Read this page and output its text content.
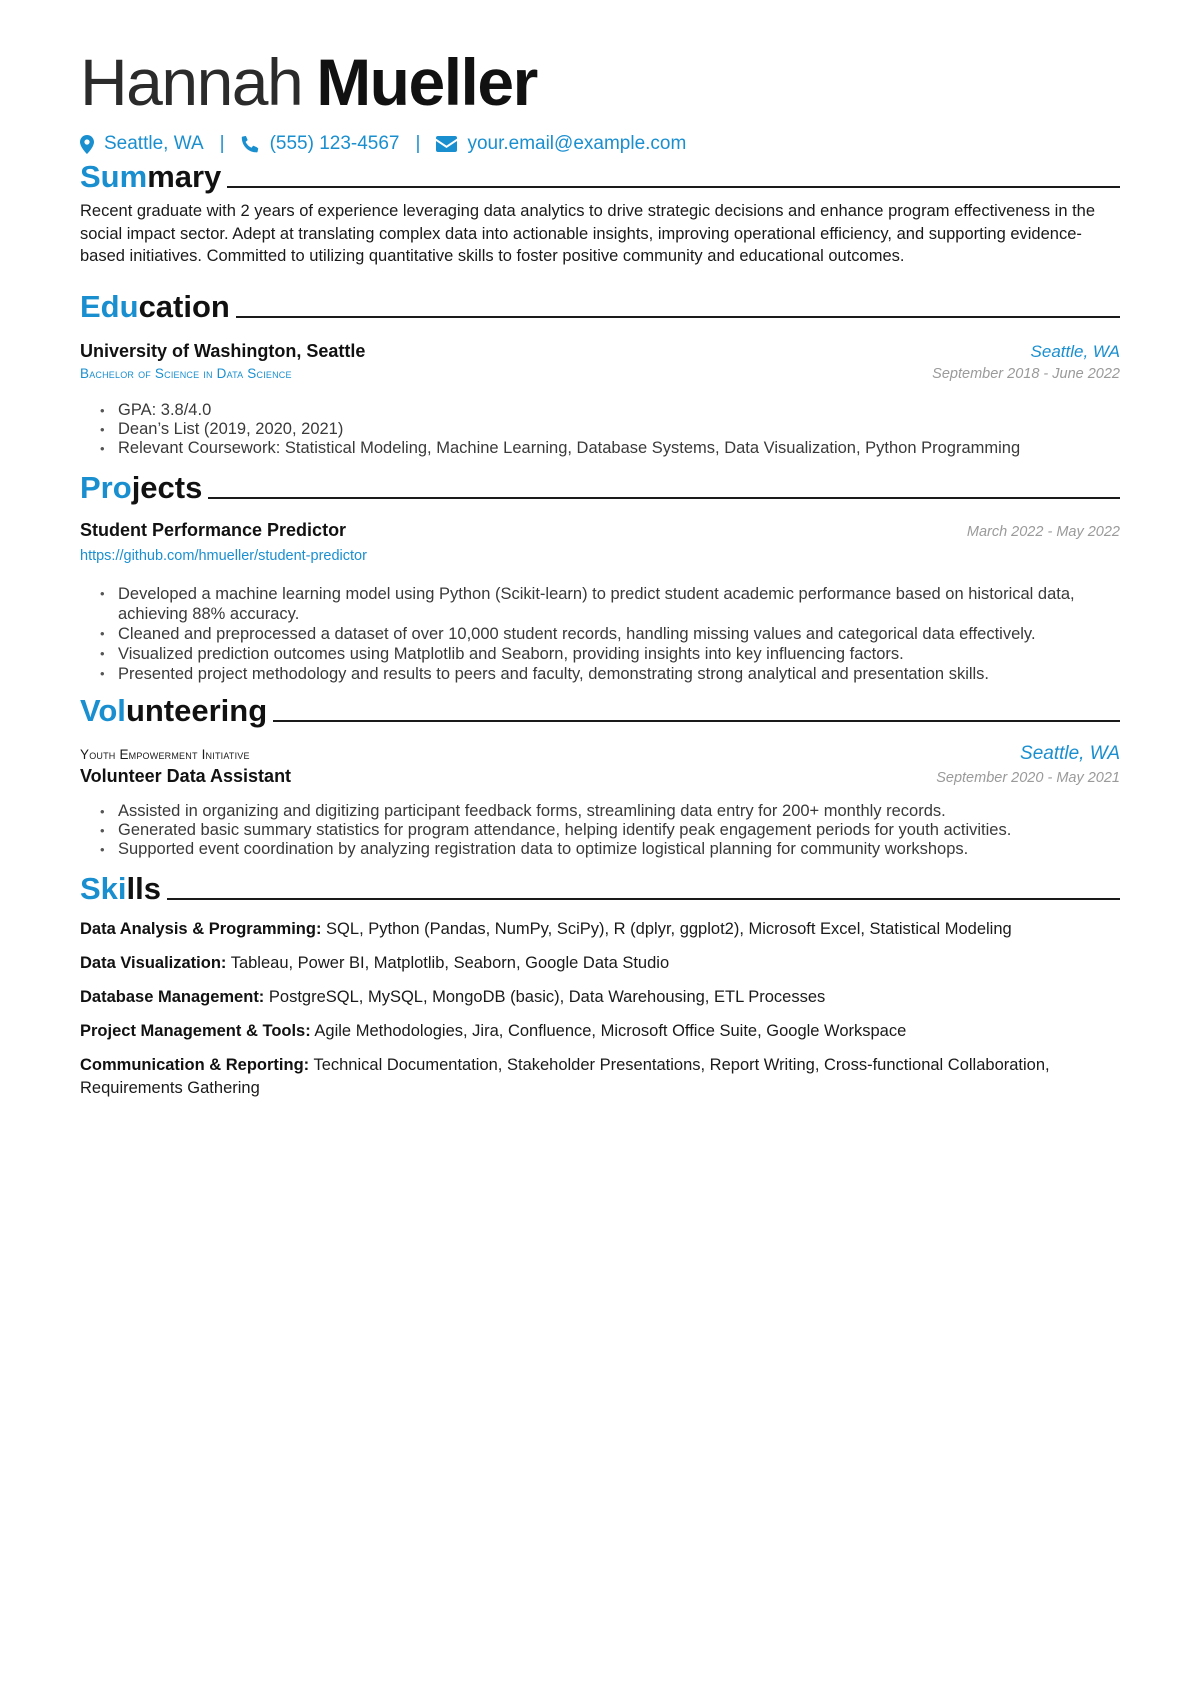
Hannah Mueller
Seattle, WA | (555) 123-4567 | your.email@example.com
Summary
Recent graduate with 2 years of experience leveraging data analytics to drive strategic decisions and enhance program effectiveness in the social impact sector. Adept at translating complex data into actionable insights, improving operational efficiency, and supporting evidence-based initiatives. Committed to utilizing quantitative skills to foster positive community and educational outcomes.
Education
University of Washington, Seattle	Seattle, WA
Bachelor of Science in Data Science	September 2018 - June 2022
• GPA: 3.8/4.0
• Dean’s List (2019, 2020, 2021)
• Relevant Coursework: Statistical Modeling, Machine Learning, Database Systems, Data Visualization, Python Programming
Projects
Student Performance Predictor	March 2022 - May 2022
https://github.com/hmueller/student-predictor
• Developed a machine learning model using Python (Scikit-learn) to predict student academic performance based on historical data, achieving 88% accuracy.
• Cleaned and preprocessed a dataset of over 10,000 student records, handling missing values and categorical data effectively.
• Visualized prediction outcomes using Matplotlib and Seaborn, providing insights into key influencing factors.
• Presented project methodology and results to peers and faculty, demonstrating strong analytical and presentation skills.
Volunteering
Youth Empowerment Initiative	Seattle, WA
Volunteer Data Assistant	September 2020 - May 2021
• Assisted in organizing and digitizing participant feedback forms, streamlining data entry for 200+ monthly records.
• Generated basic summary statistics for program attendance, helping identify peak engagement periods for youth activities.
• Supported event coordination by analyzing registration data to optimize logistical planning for community workshops.
Skills
Data Analysis & Programming: SQL, Python (Pandas, NumPy, SciPy), R (dplyr, ggplot2), Microsoft Excel, Statistical Modeling
Data Visualization: Tableau, Power BI, Matplotlib, Seaborn, Google Data Studio
Database Management: PostgreSQL, MySQL, MongoDB (basic), Data Warehousing, ETL Processes
Project Management & Tools: Agile Methodologies, Jira, Confluence, Microsoft Office Suite, Google Workspace
Communication & Reporting: Technical Documentation, Stakeholder Presentations, Report Writing, Cross-functional Collaboration, Requirements Gathering
